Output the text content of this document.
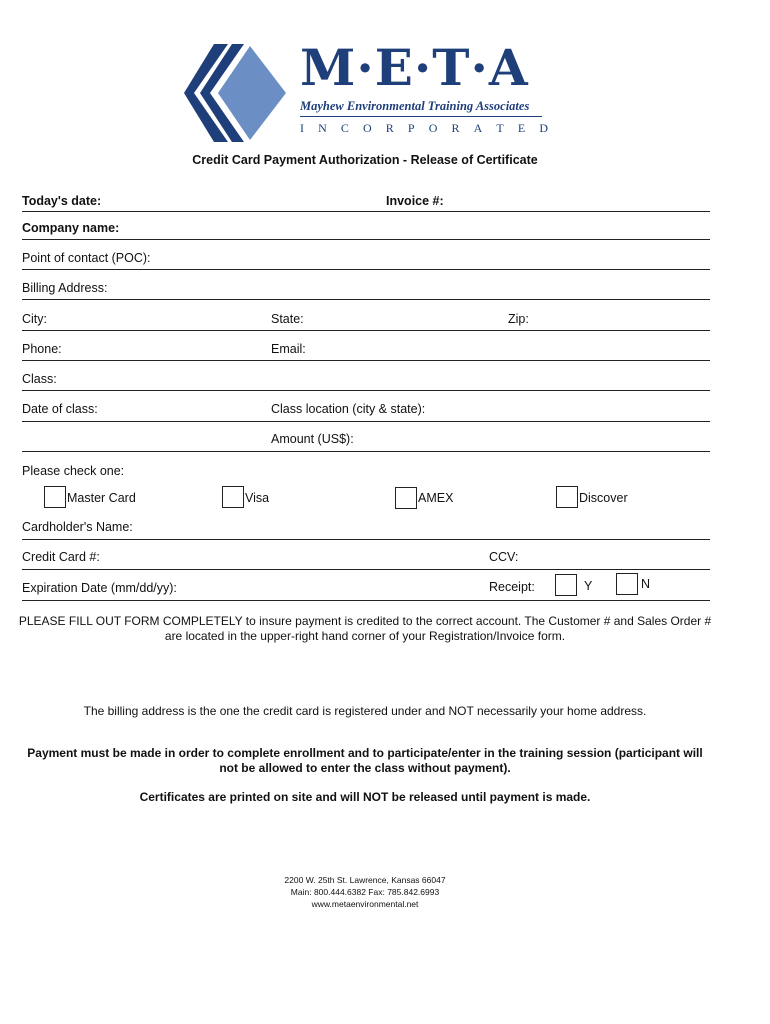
M·E·T·A
Mayhew Environmental Training Associates
I N C O R P O R A T E D
Credit Card Payment Authorization - Release of Certificate
Today's date:	Invoice #:
Company name:
Point of contact (POC):
Billing Address:
City:	State:	Zip:
Phone:	Email:
Class:
Date of class:	Class location (city & state):
Amount (US$):
Please check one:
Master Card	Visa	AMEX	Discover
Cardholder's Name:
Credit Card #:	CCV:
Expiration Date (mm/dd/yy):	Receipt:	Y	N
PLEASE FILL OUT FORM COMPLETELY to insure payment is credited to the correct account. The Customer # and Sales Order # are located in the upper-right hand corner of your Registration/Invoice form.
The billing address is the one the credit card is registered under and NOT necessarily your home address.
Payment must be made in order to complete enrollment and to participate/enter in the training session (participant will not be allowed to enter the class without payment).
Certificates are printed on site and will NOT be released until payment is made.
2200 W. 25th St. Lawrence, Kansas 66047
Main: 800.444.6382 Fax: 785.842.6993
www.metaenvironmental.net
